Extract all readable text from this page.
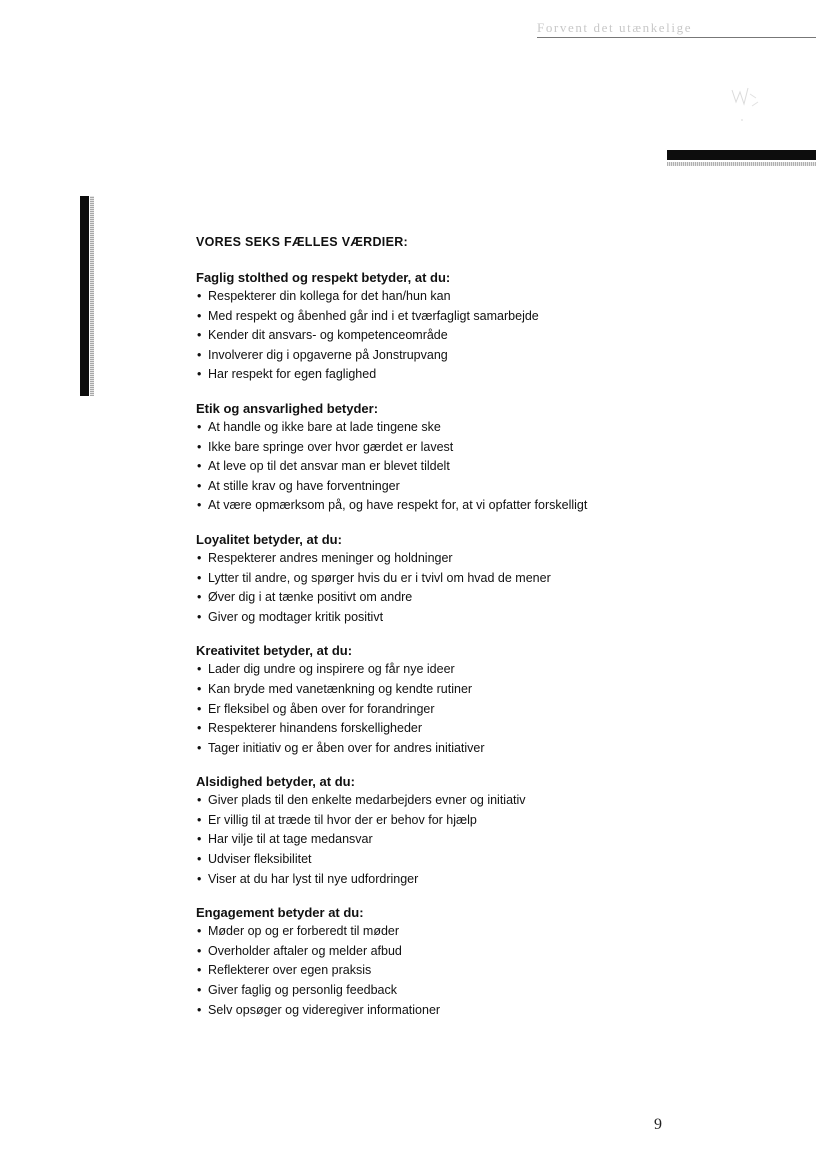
Forvent det utænkelige
VORES SEKS FÆLLES VÆRDIER:
Faglig stolthed og respekt betyder, at du:
• Respekterer din kollega for det han/hun kan
• Med respekt og åbenhed går ind i et tværfagligt samarbejde
• Kender dit ansvars- og kompetenceområde
• Involverer dig i opgaverne på Jonstrupvang
• Har respekt for egen faglighed
Etik og ansvarlighed betyder:
• At handle og ikke bare at lade tingene ske
• Ikke bare springe over hvor gærdet er lavest
• At leve op til det ansvar man er blevet tildelt
• At stille krav og have forventninger
• At være opmærksom på, og have respekt for, at vi opfatter forskelligt
Loyalitet betyder, at du:
• Respekterer andres meninger og holdninger
• Lytter til andre, og spørger hvis du er i tvivl om hvad de mener
• Øver dig i at tænke positivt om andre
• Giver og modtager kritik positivt
Kreativitet betyder, at du:
• Lader dig undre og inspirere og får nye ideer
• Kan bryde med vanetænkning og kendte rutiner
• Er fleksibel og åben over for forandringer
• Respekterer hinandens forskelligheder
• Tager initiativ og er åben over for andres initiativer
Alsidighed betyder, at du:
• Giver plads til den enkelte medarbejders evner og initiativ
• Er villig til at træde til hvor der er behov for hjælp
• Har vilje til at tage medansvar
• Udviser fleksibilitet
• Viser at du har lyst til nye udfordringer
Engagement betyder at du:
• Møder op og er forberedt til møder
• Overholder aftaler og melder afbud
• Reflekterer over egen praksis
• Giver faglig og personlig feedback
• Selv opsøger og videregiver informationer
9
